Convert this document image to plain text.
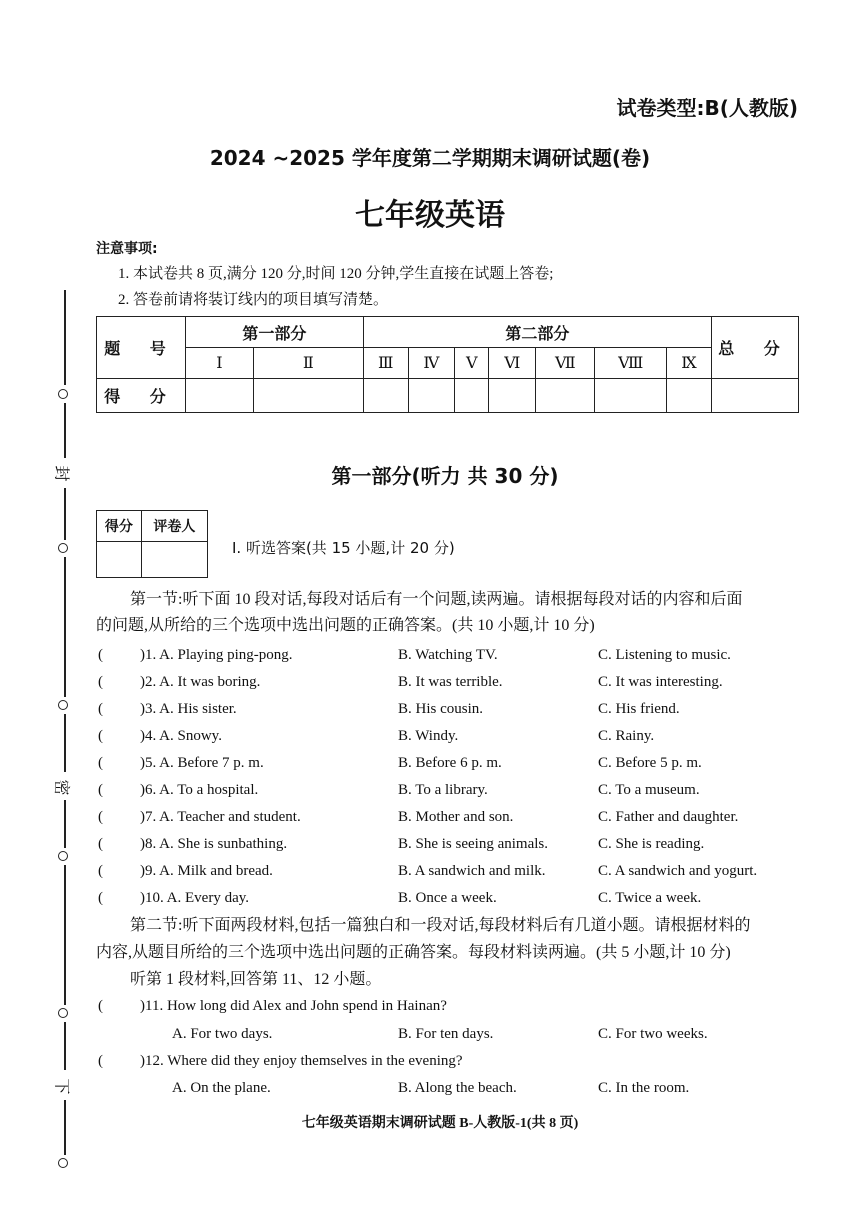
封
密
下
试卷类型:B(人教版)
2024 ~2025 学年度第二学期期末调研试题(卷)
七年级英语
注意事项:
1. 本试卷共 8 页,满分 120 分,时间 120 分钟,学生直接在试题上答卷;
2. 答卷前请将装订线内的项目填写清楚。
题 号	第一部分		第二部分							总 分
	Ⅰ	Ⅱ	Ⅲ	Ⅳ	Ⅴ	Ⅵ	Ⅶ	Ⅷ	Ⅸ	
得 分										
第一部分(听力 共 30 分)
得分	评卷人

Ⅰ. 听选答案(共 15 小题,计 20 分)
第一节:听下面 10 段对话,每段对话后有一个问题,读两遍。请根据每段对话的内容和后面
的问题,从所给的三个选项中选出问题的正确答案。(共 10 小题,计 10 分)
( )1. A. Playing ping-pong.	B. Watching TV.	C. Listening to music.
( )2. A. It was boring.	B. It was terrible.	C. It was interesting.
( )3. A. His sister.	B. His cousin.	C. His friend.
( )4. A. Snowy.	B. Windy.	C. Rainy.
( )5. A. Before 7 p. m.	B. Before 6 p. m.	C. Before 5 p. m.
( )6. A. To a hospital.	B. To a library.	C. To a museum.
( )7. A. Teacher and student.	B. Mother and son.	C. Father and daughter.
( )8. A. She is sunbathing.	B. She is seeing animals.	C. She is reading.
( )9. A. Milk and bread.	B. A sandwich and milk.	C. A sandwich and yogurt.
( )10. A. Every day.	B. Once a week.	C. Twice a week.
第二节:听下面两段材料,包括一篇独白和一段对话,每段材料后有几道小题。请根据材料的
内容,从题目所给的三个选项中选出问题的正确答案。每段材料读两遍。(共 5 小题,计 10 分)
听第 1 段材料,回答第 11、12 小题。
( )11. How long did Alex and John spend in Hainan?
A. For two days.	B. For ten days.	C. For two weeks.
( )12. Where did they enjoy themselves in the evening?
A. On the plane.	B. Along the beach.	C. In the room.
七年级英语期末调研试题 B-人教版-1(共 8 页)
